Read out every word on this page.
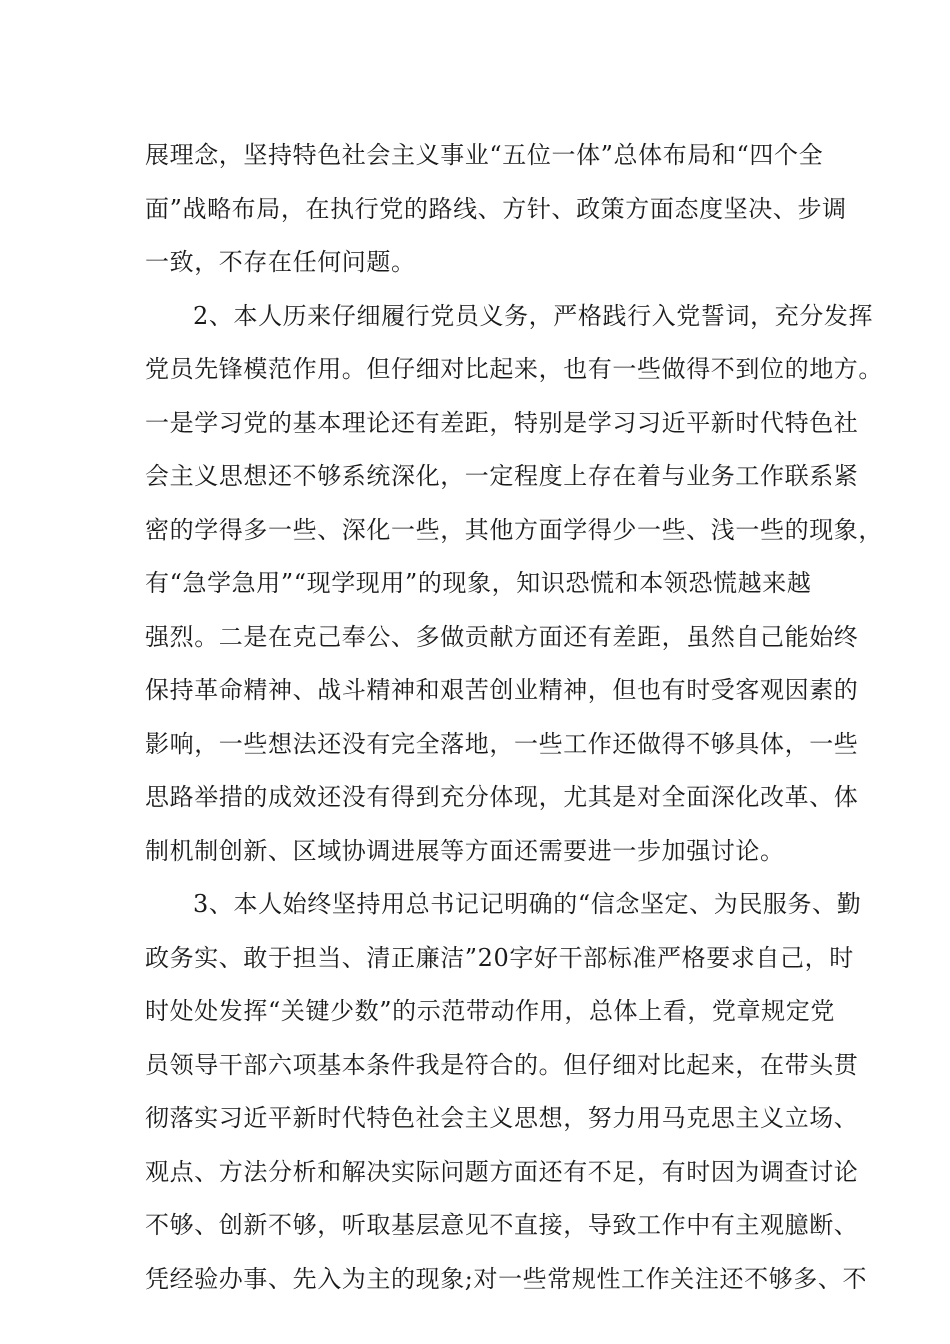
展理念，坚持特色社会主义事业“五位一体”总体布局和“四个全
面”战略布局，在执行党的路线、方针、政策方面态度坚决、步调
一致，不存在任何问题。
2、本人历来仔细履行党员义务，严格践行入党誓词，充分发挥
党员先锋模范作用。但仔细对比起来，也有一些做得不到位的地方。
一是学习党的基本理论还有差距，特别是学习习近平新时代特色社
会主义思想还不够系统深化，一定程度上存在着与业务工作联系紧
密的学得多一些、深化一些，其他方面学得少一些、浅一些的现象，
有“急学急用”“现学现用”的现象，知识恐慌和本领恐慌越来越
强烈。二是在克己奉公、多做贡献方面还有差距，虽然自己能始终
保持革命精神、战斗精神和艰苦创业精神，但也有时受客观因素的
影响，一些想法还没有完全落地，一些工作还做得不够具体，一些
思路举措的成效还没有得到充分体现，尤其是对全面深化改革、体
制机制创新、区域协调进展等方面还需要进一步加强讨论。
3、本人始终坚持用总书记记明确的“信念坚定、为民服务、勤
政务实、敢于担当、清正廉洁”20字好干部标准严格要求自己，时
时处处发挥“关键少数”的示范带动作用，总体上看，党章规定党
员领导干部六项基本条件我是符合的。但仔细对比起来，在带头贯
彻落实习近平新时代特色社会主义思想，努力用马克思主义立场、
观点、方法分析和解决实际问题方面还有不足，有时因为调查讨论
不够、创新不够，听取基层意见不直接，导致工作中有主观臆断、
凭经验办事、先入为主的现象;对一些常规性工作关注还不够多、不
